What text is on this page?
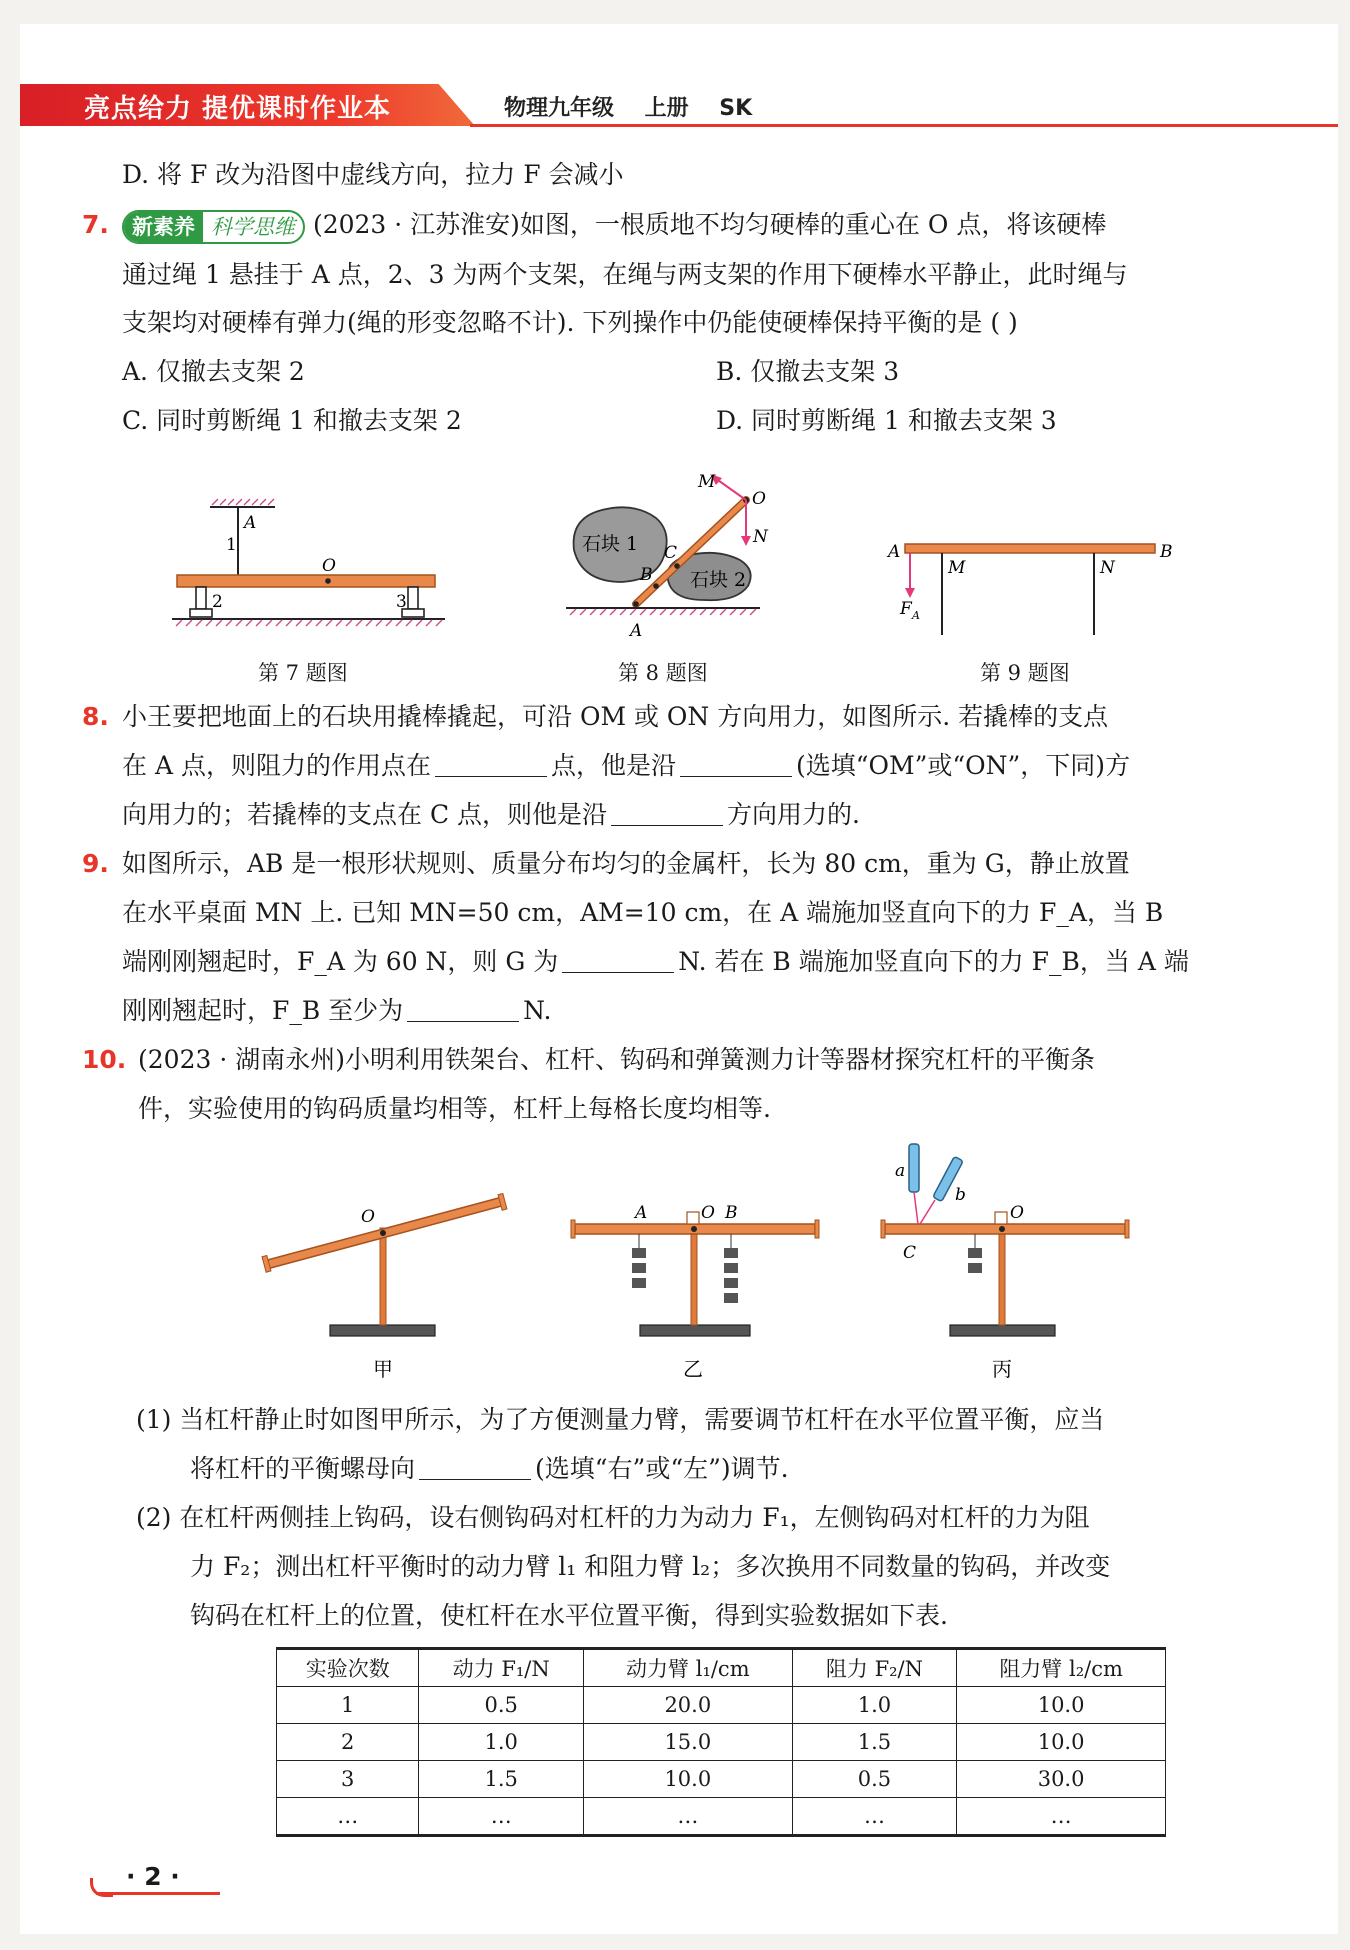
亮点给力 提优课时作业本	物理九年级    上册    SK
D. 将 F 改为沿图中虚线方向，拉力 F 会减小
7.	新素养 科学思维 (2023 · 江苏淮安)如图，一根质地不均匀硬棒的重心在 O 点，将该硬棒
通过绳 1 悬挂于 A 点，2、3 为两个支架，在绳与两支架的作用下硬棒水平静止，此时绳与
支架均对硬棒有弹力(绳的形变忽略不计). 下列操作中仍能使硬棒保持平衡的是 ( )
A. 仅撤去支架 2	B. 仅撤去支架 3
C. 同时剪断绳 1 和撤去支架 2	D. 同时剪断绳 1 和撤去支架 3
A
1
O
2	3
第 7 题图
石块 1
石块 2
M
O
N
C
B
A
第 8 题图
A	B
M	N
F A
第 9 题图
8. 小王要把地面上的石块用撬棒撬起，可沿 OM 或 ON 方向用力，如图所示. 若撬棒的支点
在 A 点，则阻力的作用点在	点，他是沿	(选填“OM”或“ON”，下同)方
向用力的；若撬棒的支点在 C 点，则他是沿	方向用力的.
9. 如图所示，AB 是一根形状规则、质量分布均匀的金属杆，长为 80 cm，重为 G，静止放置
在水平桌面 MN 上. 已知 MN=50 cm，AM=10 cm，在 A 端施加竖直向下的力 F_A，当 B
端刚刚翘起时，F_A 为 60 N，则 G 为	N. 若在 B 端施加竖直向下的力 F_B，当 A 端
刚刚翘起时，F_B 至少为	N.
10. (2023 · 湖南永州)小明利用铁架台、杠杆、钩码和弹簧测力计等器材探究杠杆的平衡条
件，实验使用的钩码质量均相等，杠杆上每格长度均相等.
O	A	O B	O
C
a
b
甲	乙	丙
(1) 当杠杆静止时如图甲所示，为了方便测量力臂，需要调节杠杆在水平位置平衡，应当
将杠杆的平衡螺母向	(选填“右”或“左”)调节.
(2) 在杠杆两侧挂上钩码，设右侧钩码对杠杆的力为动力 F₁，左侧钩码对杠杆的力为阻
力 F₂；测出杠杆平衡时的动力臂 l₁ 和阻力臂 l₂；多次换用不同数量的钩码，并改变
钩码在杠杆上的位置，使杠杆在水平位置平衡，得到实验数据如下表.
实验次数	动力 F₁/N	动力臂 l₁/cm	阻力 F₂/N	阻力臂 l₂/cm
1	0.5	20.0	1.0	10.0
2	1.0	15.0	1.5	10.0
3	1.5	10.0	0.5	30.0
…	…	…	…	…
· 2 ·
